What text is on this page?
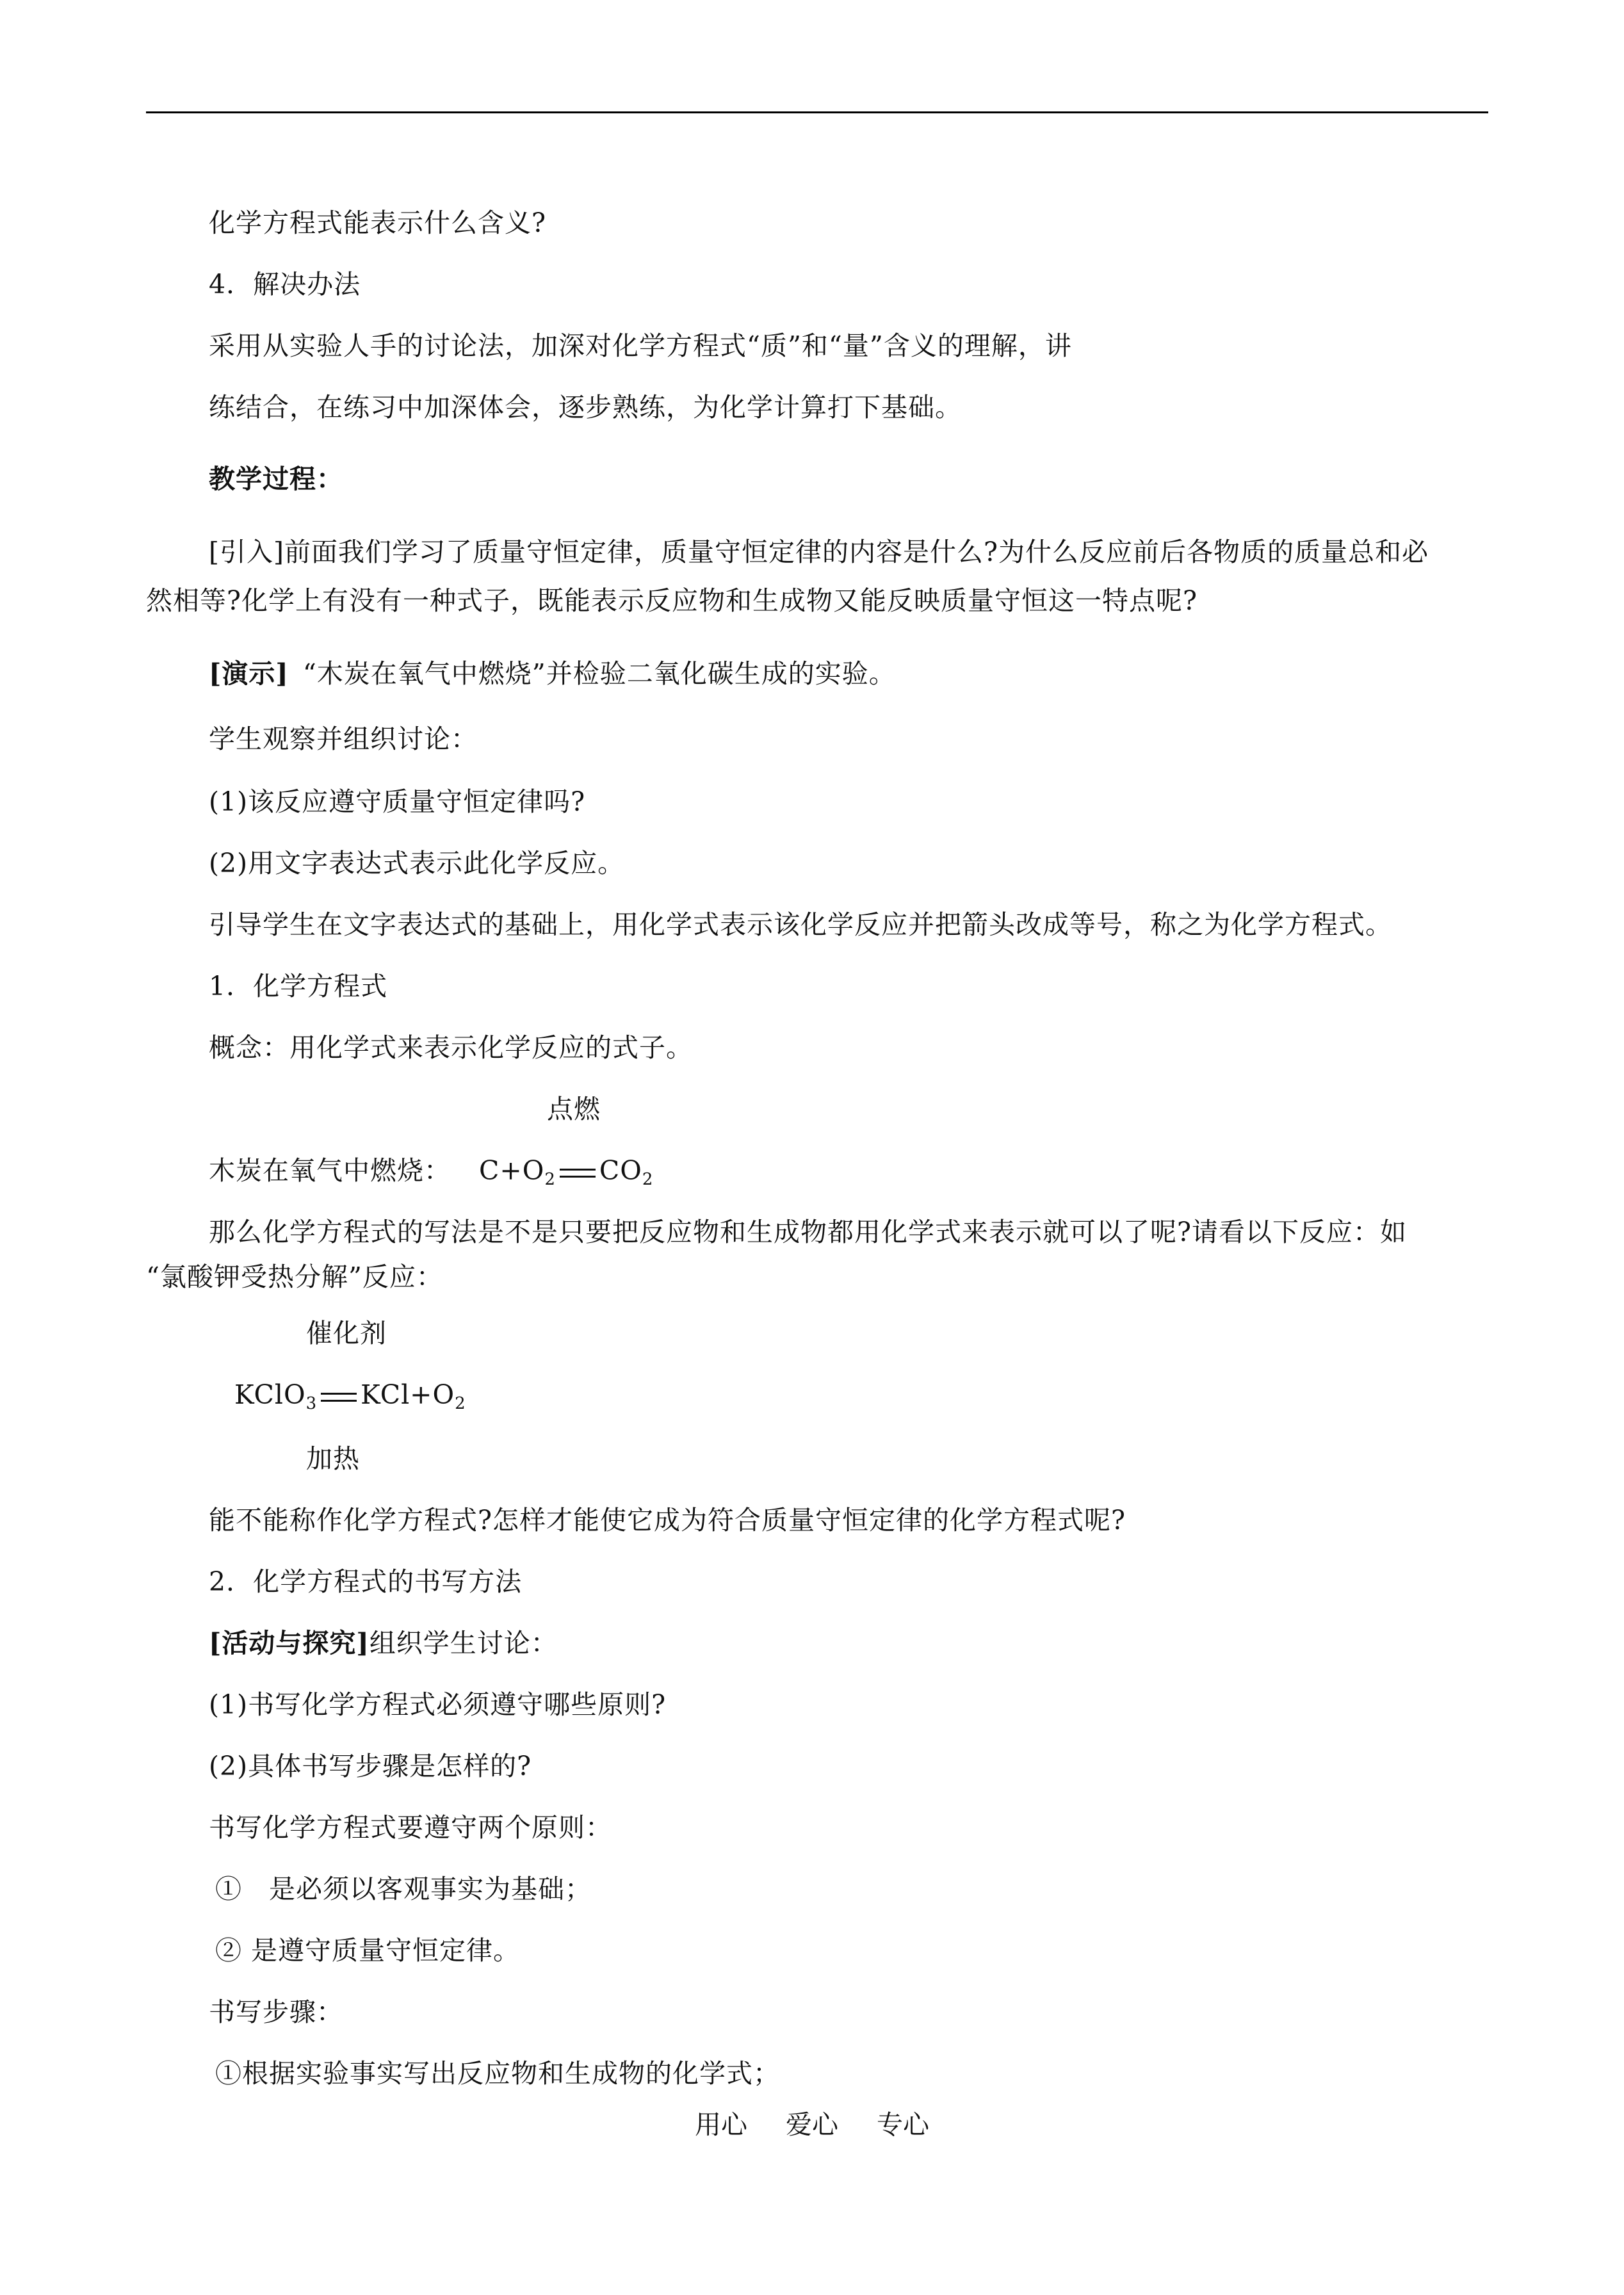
化学方程式能表示什么含义?
4．解决办法
采用从实验人手的讨论法，加深对化学方程式“质”和“量”含义的理解，讲
练结合，在练习中加深体会，逐步熟练，为化学计算打下基础。
教学过程：
[引入]前面我们学习了质量守恒定律，质量守恒定律的内容是什么?为什么反应前后各物质的质量总和必
然相等?化学上有没有一种式子，既能表示反应物和生成物又能反映质量守恒这一特点呢?
[演示] “木炭在氧气中燃烧”并检验二氧化碳生成的实验。
学生观察并组织讨论：
(1)该反应遵守质量守恒定律吗?
(2)用文字表达式表示此化学反应。
引导学生在文字表达式的基础上，用化学式表示该化学反应并把箭头改成等号，称之为化学方程式。
1．化学方程式
概念：用化学式来表示化学反应的式子。
点燃
木炭在氧气中燃烧： $C+O_2$ $CO_2$
那么化学方程式的写法是不是只要把反应物和生成物都用化学式来表示就可以了呢?请看以下反应：如
“氯酸钾受热分解”反应：
催化剂
KClO$_3$ $KCl+O_2$
加热
能不能称作化学方程式?怎样才能使它成为符合质量守恒定律的化学方程式呢?
2．化学方程式的书写方法
[活动与探究]组织学生讨论：
(1)书写化学方程式必须遵守哪些原则?
(2)具体书写步骤是怎样的?
书写化学方程式要遵守两个原则：
①　是必须以客观事实为基础；
② 是遵守质量守恒定律。
书写步骤：
①根据实验事实写出反应物和生成物的化学式；
用心 爱心 专心
